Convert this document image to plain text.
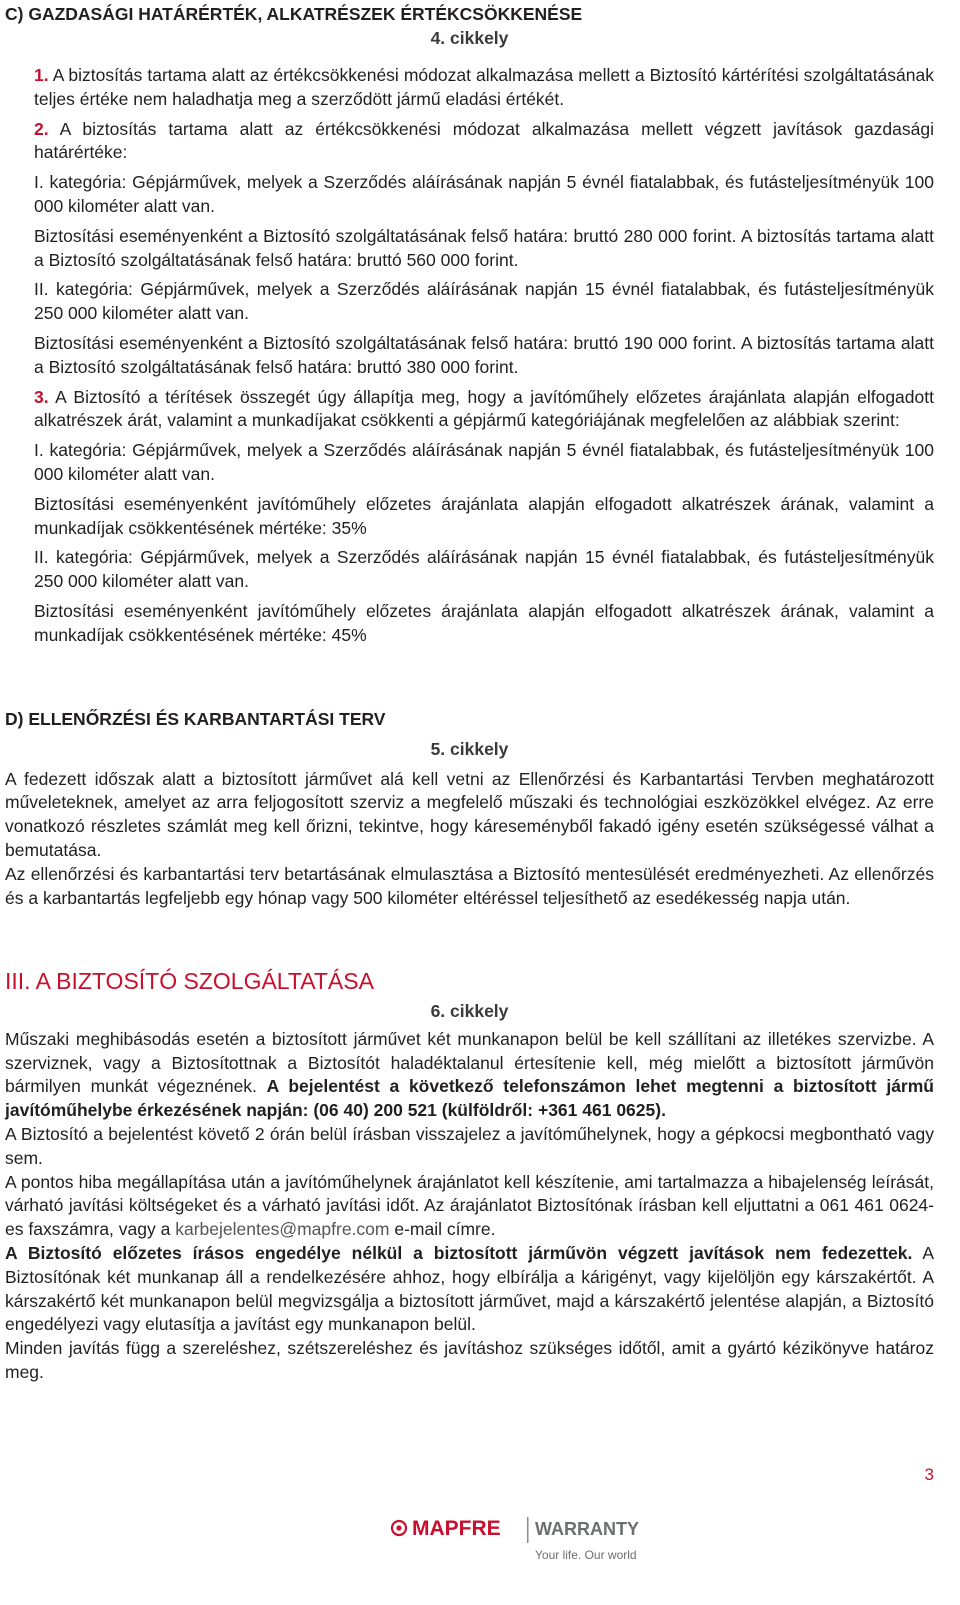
C) GAZDASÁGI HATÁRÉRTÉK, ALKATRÉSZEK ÉRTÉKCSÖKKENÉSE

4. cikkely

1. A biztosítás tartama alatt az értékcsökkenési módozat alkalmazása mellett a Biztosító kártérítési szolgáltatásának teljes értéke nem haladhatja meg a szerződött jármű eladási értékét.

2. A biztosítás tartama alatt az értékcsökkenési módozat alkalmazása mellett végzett javítások gazdasági határértéke:

I. kategória: Gépjárművek, melyek a Szerződés aláírásának napján 5 évnél fiatalabbak, és futásteljesítményük 100 000 kilométer alatt van.

Biztosítási eseményenként a Biztosító szolgáltatásának felső határa: bruttó 280 000 forint. A biztosítás tartama alatt a Biztosító szolgáltatásának felső határa: bruttó 560 000 forint.

II. kategória: Gépjárművek, melyek a Szerződés aláírásának napján 15 évnél fiatalabbak, és futásteljesítményük 250 000 kilométer alatt van.

Biztosítási eseményenként a Biztosító szolgáltatásának felső határa: bruttó 190 000 forint. A biztosítás tartama alatt a Biztosító szolgáltatásának felső határa: bruttó 380 000 forint.

3. A Biztosító a térítések összegét úgy állapítja meg, hogy a javítóműhely előzetes árajánlata alapján elfogadott alkatrészek árát, valamint a munkadíjakat csökkenti a gépjármű kategóriájának megfelelően az alábbiak szerint:

I. kategória: Gépjárművek, melyek a Szerződés aláírásának napján 5 évnél fiatalabbak, és futásteljesítményük 100 000 kilométer alatt van.

Biztosítási eseményenként javítóműhely előzetes árajánlata alapján elfogadott alkatrészek árának, valamint a munkadíjak csökkentésének mértéke: 35%

II. kategória: Gépjárművek, melyek a Szerződés aláírásának napján 15 évnél fiatalabbak, és futásteljesítményük 250 000 kilométer alatt van.

Biztosítási eseményenként javítóműhely előzetes árajánlata alapján elfogadott alkatrészek árának, valamint a munkadíjak csökkentésének mértéke: 45%

D) ELLENŐRZÉSI ÉS KARBANTARTÁSI TERV

5. cikkely

A fedezett időszak alatt a biztosított járművet alá kell vetni az Ellenőrzési és Karbantartási Tervben meghatározott műveleteknek, amelyet az arra feljogosított szerviz a megfelelő műszaki és technológiai eszközökkel elvégez. Az erre vonatkozó részletes számlát meg kell őrizni, tekintve, hogy káreseményből fakadó igény esetén szükségessé válhat a bemutatása.

Az ellenőrzési és karbantartási terv betartásának elmulasztása a Biztosító mentesülését eredményezheti. Az ellenőrzés és a karbantartás legfeljebb egy hónap vagy 500 kilométer eltéréssel teljesíthető az esedékesség napja után.

III. A BIZTOSÍTÓ SZOLGÁLTATÁSA

6. cikkely

Műszaki meghibásodás esetén a biztosított járművet két munkanapon belül be kell szállítani az illetékes szervizbe. A szerviznek, vagy a Biztosítottnak a Biztosítót haladéktalanul értesítenie kell, még mielőtt a biztosított járművön bármilyen munkát végeznének. A bejelentést a következő telefonszámon lehet megtenni a biztosított jármű javítóműhelybe érkezésének napján: (06 40) 200 521 (külföldről: +361 461 0625).

A Biztosító a bejelentést követő 2 órán belül írásban visszajelez a javítóműhelynek, hogy a gépkocsi megbontható vagy sem.

A pontos hiba megállapítása után a javítóműhelynek árajánlatot kell készítenie, ami tartalmazza a hibajelenség leírását, várható javítási költségeket és a várható javítási időt. Az árajánlatot Biztosítónak írásban kell eljuttatni a 061 461 0624-es faxszámra, vagy a karbejelentes@mapfre.com e-mail címre.

A Biztosító előzetes írásos engedélye nélkül a biztosított járművön végzett javítások nem fedezettek. A Biztosítónak két munkanap áll a rendelkezésére ahhoz, hogy elbírálja a kárigényt, vagy kijelöljön egy kárszakértőt. A kárszakértő két munkanapon belül megvizsgálja a biztosított járművet, majd a kárszakértő jelentése alapján, a Biztosító engedélyezi vagy elutasítja a javítást egy munkanapon belül.

Minden javítás függ a szereléshez, szétszereléshez és javításhoz szükséges időtől, amit a gyártó kézikönyve határoz meg.

3
MAPFRE WARRANTY
Your life. Our world
